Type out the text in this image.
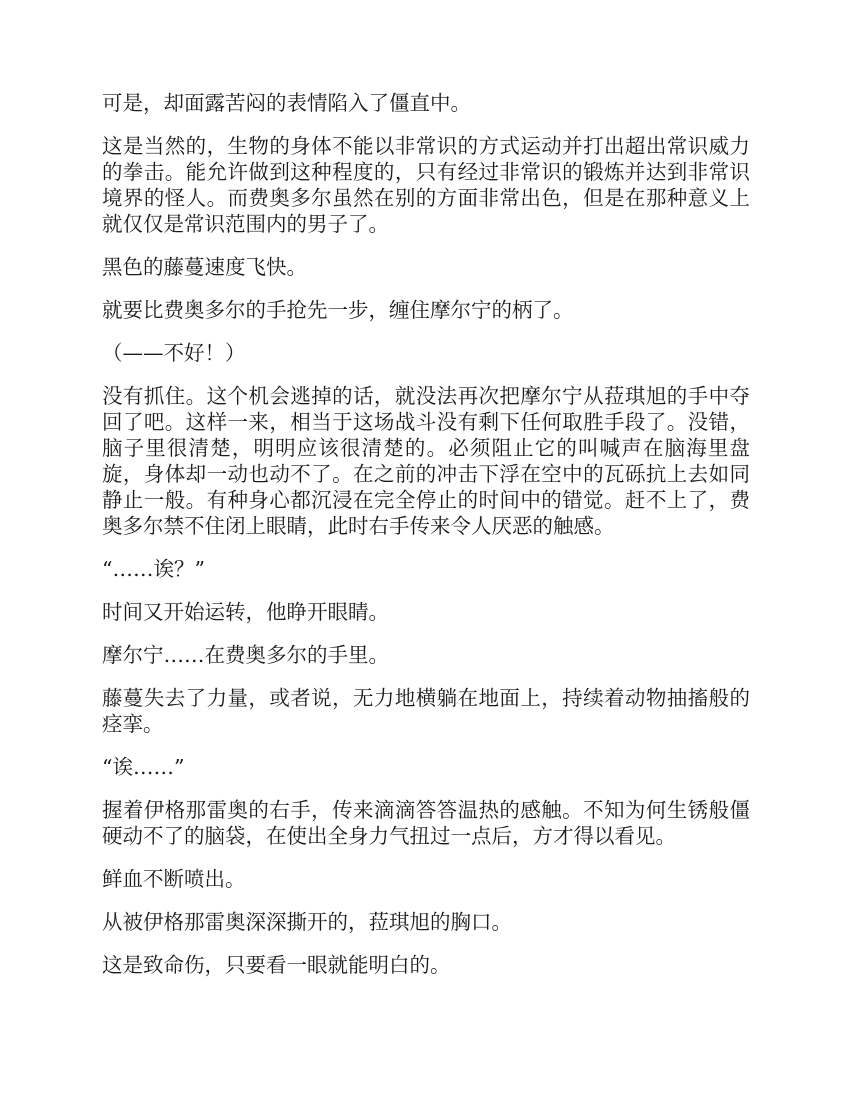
可是，却面露苦闷的表情陷入了僵直中。

这是当然的，生物的身体不能以非常识的方式运动并打出超出常识威力的拳击。能允许做到这种程度的，只有经过非常识的锻炼并达到非常识境界的怪人。而费奥多尔虽然在别的方面非常出色，但是在那种意义上就仅仅是常识范围内的男子了。

黑色的藤蔓速度飞快。

就要比费奥多尔的手抢先一步，缠住摩尔宁的柄了。

（——不好！）

没有抓住。这个机会逃掉的话，就没法再次把摩尔宁从菈琪旭的手中夺回了吧。这样一来，相当于这场战斗没有剩下任何取胜手段了。没错，脑子里很清楚，明明应该很清楚的。必须阻止它的叫喊声在脑海里盘旋，身体却一动也动不了。在之前的冲击下浮在空中的瓦砾抗上去如同静止一般。有种身心都沉浸在完全停止的时间中的错觉。赶不上了，费奥多尔禁不住闭上眼睛，此时右手传来令人厌恶的触感。

“……诶？”

时间又开始运转，他睁开眼睛。

摩尔宁……在费奥多尔的手里。

藤蔓失去了力量，或者说，无力地横躺在地面上，持续着动物抽搐般的痉挛。

“诶……”

握着伊格那雷奥的右手，传来滴滴答答温热的感触。不知为何生锈般僵硬动不了的脑袋，在使出全身力气扭过一点后，方才得以看见。

鲜血不断喷出。

从被伊格那雷奥深深撕开的，菈琪旭的胸口。

这是致命伤，只要看一眼就能明白的。
